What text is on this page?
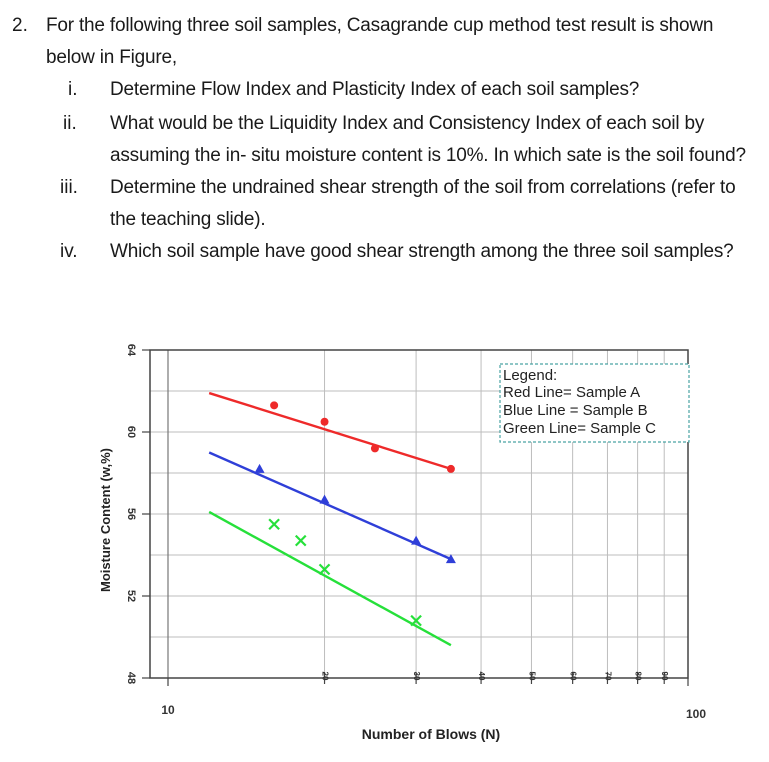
2. For the following three soil samples, Casagrande cup method test result is shown
below in Figure,
i. Determine Flow Index and Plasticity Index of each soil samples?
ii. What would be the Liquidity Index and Consistency Index of each soil by
assuming the in- situ moisture content is 10%. In which sate is the soil found?
iii. Determine the undrained shear strength of the soil from correlations (refer to
the teaching slide).
iv. Which soil sample have good shear strength among the three soil samples?
48
52
56
60
64
20	30	40	50	60	70	80 90
10	100
Number of Blows (N)
Moisture Content (w,%)
Legend:
Red Line= Sample A
Blue Line = Sample B
Green Line= Sample C
